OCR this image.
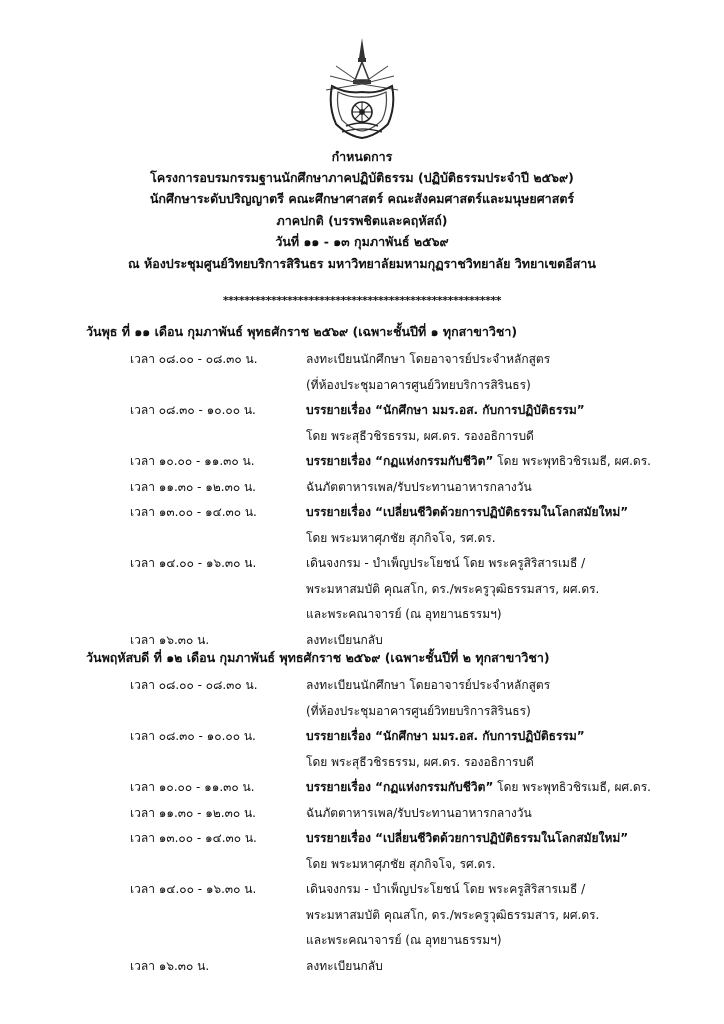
กำหนดการ
โครงการอบรมกรรมฐานนักศึกษาภาคปฏิบัติธรรม (ปฏิบัติธรรมประจำปี ๒๕๖๙)
นักศึกษาระดับปริญญาตรี คณะศึกษาศาสตร์ คณะสังคมศาสตร์และมนุษยศาสตร์
ภาคปกติ (บรรพชิตและคฤหัสถ์)
วันที่ ๑๑ - ๑๓ กุมภาพันธ์ ๒๕๖๙
ณ ห้องประชุมศูนย์วิทยบริการสิรินธร มหาวิทยาลัยมหามกุฏราชวิทยาลัย วิทยาเขตอีสาน
****************************************************
วันพุธ ที่ ๑๑ เดือน กุมภาพันธ์ พุทธศักราช ๒๕๖๙ (เฉพาะชั้นปีที่ ๑ ทุกสาขาวิชา)
เวลา ๐๘.๐๐ - ๐๘.๓๐ น.	ลงทะเบียนนักศึกษา โดยอาจารย์ประจำหลักสูตร
(ที่ห้องประชุมอาคารศูนย์วิทยบริการสิรินธร)
เวลา ๐๘.๓๐ - ๑๐.๐๐ น.	บรรยายเรื่อง “นักศึกษา มมร.อส. กับการปฏิบัติธรรม”
โดย พระสุธีวชิรธรรม, ผศ.ดร. รองอธิการบดี
เวลา ๑๐.๐๐ - ๑๑.๓๐ น.	บรรยายเรื่อง “กฏแห่งกรรมกับชีวิต” โดย พระพุทธิวชิรเมธี, ผศ.ดร.
เวลา ๑๑.๓๐ - ๑๒.๓๐ น.	ฉันภัตตาหารเพล/รับประทานอาหารกลางวัน
เวลา ๑๓.๐๐ - ๑๔.๓๐ น.	บรรยายเรื่อง “เปลี่ยนชีวิตด้วยการปฏิบัติธรรมในโลกสมัยใหม่”
โดย พระมหาศุภชัย สุภกิจโจ, รศ.ดร.
เวลา ๑๔.๐๐ - ๑๖.๓๐ น.	เดินจงกรม - บำเพ็ญประโยชน์ โดย พระครูสิริสารเมธี /
พระมหาสมบัติ คุณสโก, ดร./พระครูวุฒิธรรมสาร, ผศ.ดร.
และพระคณาจารย์ (ณ อุทยานธรรมฯ)
เวลา ๑๖.๓๐ น.	ลงทะเบียนกลับ
วันพฤหัสบดี ที่ ๑๒ เดือน กุมภาพันธ์ พุทธศักราช ๒๕๖๙ (เฉพาะชั้นปีที่ ๒ ทุกสาขาวิชา)
เวลา ๐๘.๐๐ - ๐๘.๓๐ น.	ลงทะเบียนนักศึกษา โดยอาจารย์ประจำหลักสูตร
(ที่ห้องประชุมอาคารศูนย์วิทยบริการสิรินธร)
เวลา ๐๘.๓๐ - ๑๐.๐๐ น.	บรรยายเรื่อง “นักศึกษา มมร.อส. กับการปฏิบัติธรรม”
โดย พระสุธีวชิรธรรม, ผศ.ดร. รองอธิการบดี
เวลา ๑๐.๐๐ - ๑๑.๓๐ น.	บรรยายเรื่อง “กฏแห่งกรรมกับชีวิต” โดย พระพุทธิวชิรเมธี, ผศ.ดร.
เวลา ๑๑.๓๐ - ๑๒.๓๐ น.	ฉันภัตตาหารเพล/รับประทานอาหารกลางวัน
เวลา ๑๓.๐๐ - ๑๔.๓๐ น.	บรรยายเรื่อง “เปลี่ยนชีวิตด้วยการปฏิบัติธรรมในโลกสมัยใหม่”
โดย พระมหาศุภชัย สุภกิจโจ, รศ.ดร.
เวลา ๑๔.๐๐ - ๑๖.๓๐ น.	เดินจงกรม - บำเพ็ญประโยชน์ โดย พระครูสิริสารเมธี /
พระมหาสมบัติ คุณสโก, ดร./พระครูวุฒิธรรมสาร, ผศ.ดร.
และพระคณาจารย์ (ณ อุทยานธรรมฯ)
เวลา ๑๖.๓๐ น.	ลงทะเบียนกลับ
